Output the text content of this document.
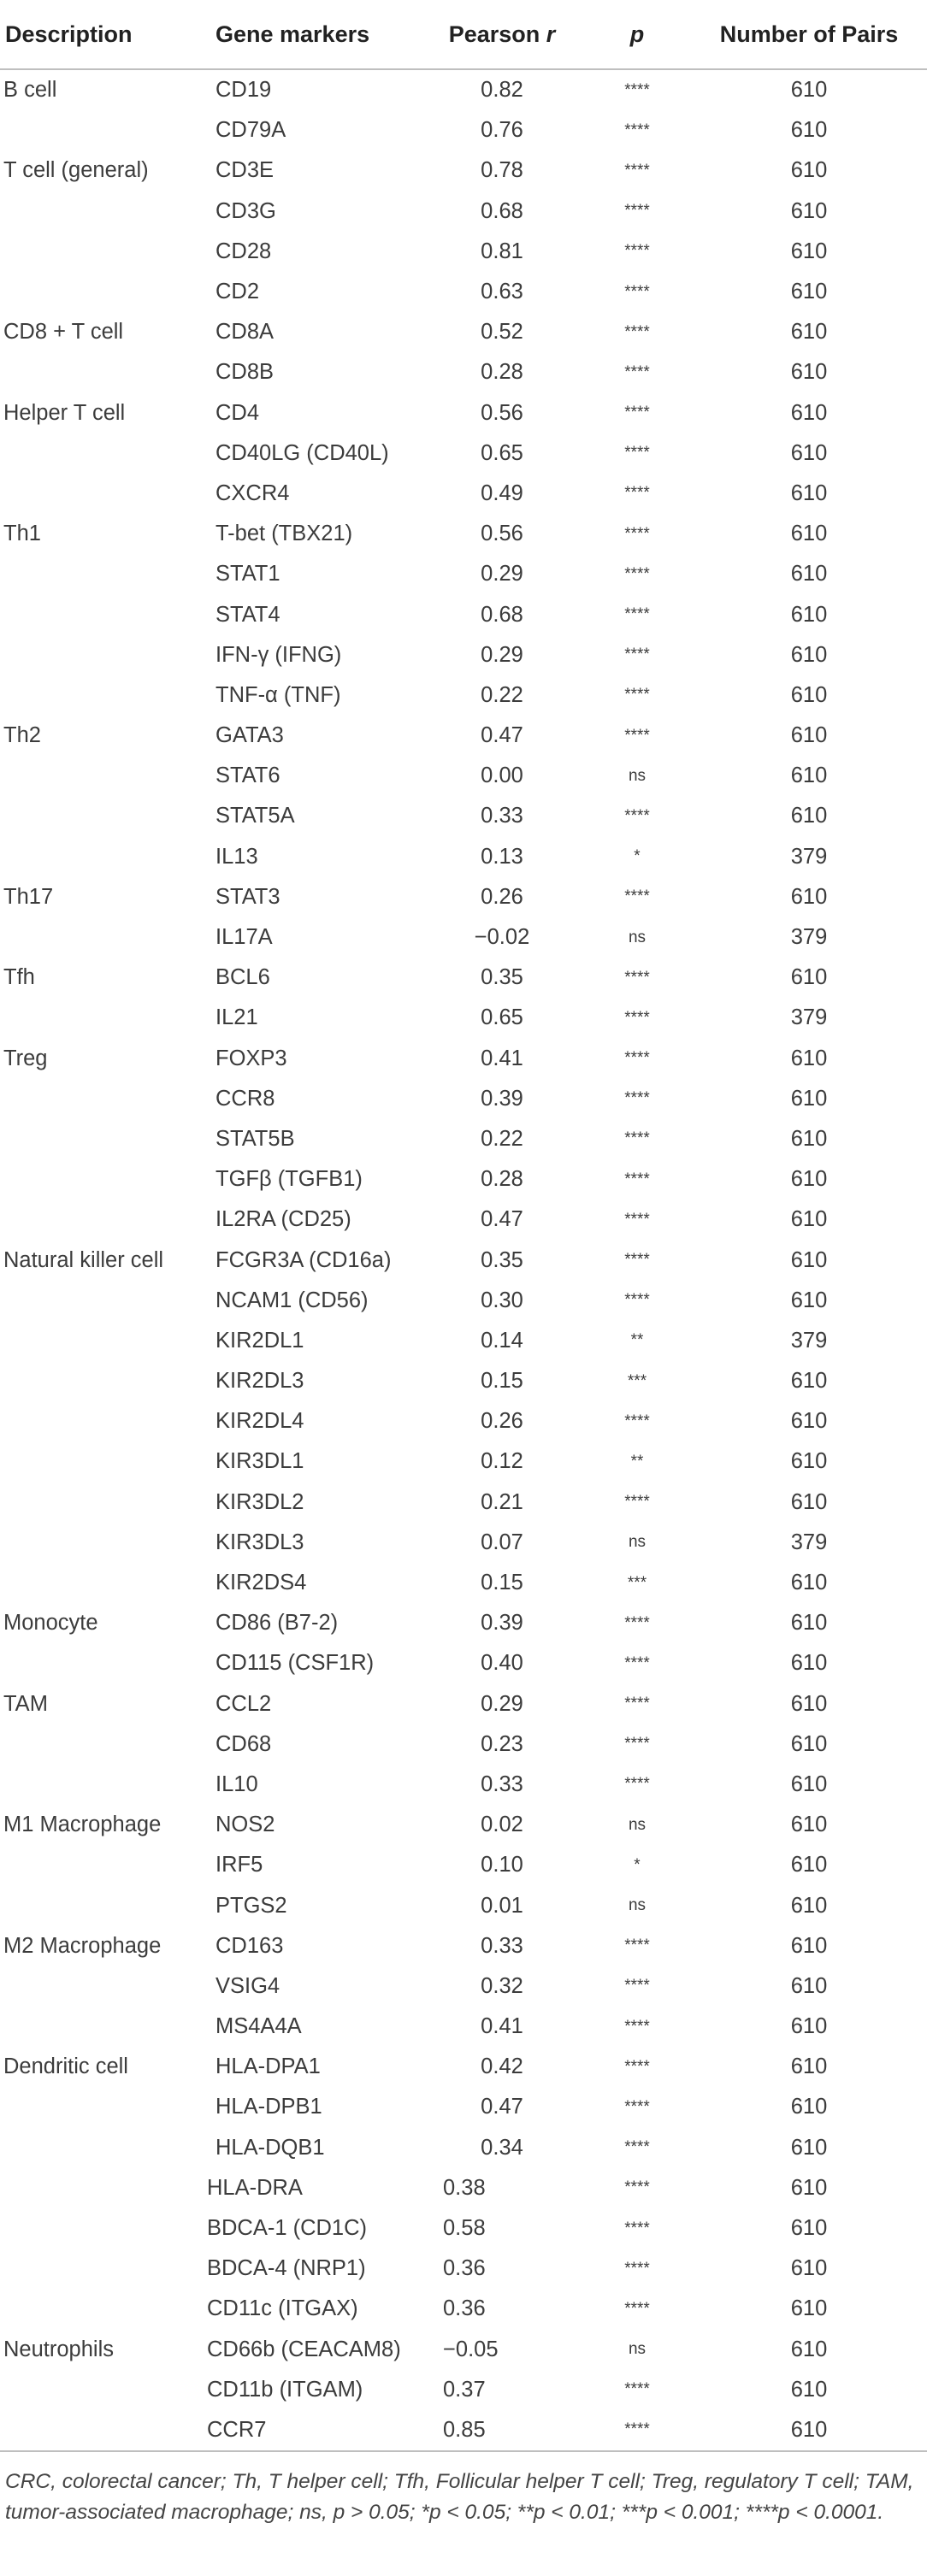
Description	Gene markers	Pearson r	p	Number of Pairs
B cell	CD19	0.82	****	610
	CD79A	0.76	****	610
T cell (general)	CD3E	0.78	****	610
	CD3G	0.68	****	610
	CD28	0.81	****	610
	CD2	0.63	****	610
CD8 + T cell	CD8A	0.52	****	610
	CD8B	0.28	****	610
Helper T cell	CD4	0.56	****	610
	CD40LG (CD40L)	0.65	****	610
	CXCR4	0.49	****	610
Th1	T-bet (TBX21)	0.56	****	610
	STAT1	0.29	****	610
	STAT4	0.68	****	610
	IFN-γ (IFNG)	0.29	****	610
	TNF-α (TNF)	0.22	****	610
Th2	GATA3	0.47	****	610
	STAT6	0.00	ns	610
	STAT5A	0.33	****	610
	IL13	0.13	*	379
Th17	STAT3	0.26	****	610
	IL17A	−0.02	ns	379
Tfh	BCL6	0.35	****	610
	IL21	0.65	****	379
Treg	FOXP3	0.41	****	610
	CCR8	0.39	****	610
	STAT5B	0.22	****	610
	TGFβ (TGFB1)	0.28	****	610
	IL2RA (CD25)	0.47	****	610
Natural killer cell	FCGR3A (CD16a)	0.35	****	610
	NCAM1 (CD56)	0.30	****	610
	KIR2DL1	0.14	**	379
	KIR2DL3	0.15	***	610
	KIR2DL4	0.26	****	610
	KIR3DL1	0.12	**	610
	KIR3DL2	0.21	****	610
	KIR3DL3	0.07	ns	379
	KIR2DS4	0.15	***	610
Monocyte	CD86 (B7-2)	0.39	****	610
	CD115 (CSF1R)	0.40	****	610
TAM	CCL2	0.29	****	610
	CD68	0.23	****	610
	IL10	0.33	****	610
M1 Macrophage	NOS2	0.02	ns	610
	IRF5	0.10	*	610
	PTGS2	0.01	ns	610
M2 Macrophage	CD163	0.33	****	610
	VSIG4	0.32	****	610
	MS4A4A	0.41	****	610
Dendritic cell	HLA-DPA1	0.42	****	610
	HLA-DPB1	0.47	****	610
	HLA-DQB1	0.34	****	610
	HLA-DRA	0.38	****	610
	BDCA-1 (CD1C)	0.58	****	610
	BDCA-4 (NRP1)	0.36	****	610
	CD11c (ITGAX)	0.36	****	610
Neutrophils	CD66b (CEACAM8)	−0.05	ns	610
	CD11b (ITGAM)	0.37	****	610
	CCR7	0.85	****	610
CRC, colorectal cancer; Th, T helper cell; Tfh, Follicular helper T cell; Treg, regulatory T cell; TAM, tumor-associated macrophage; ns, p > 0.05; *p < 0.05; **p < 0.01; ***p < 0.001; ****p < 0.0001.
